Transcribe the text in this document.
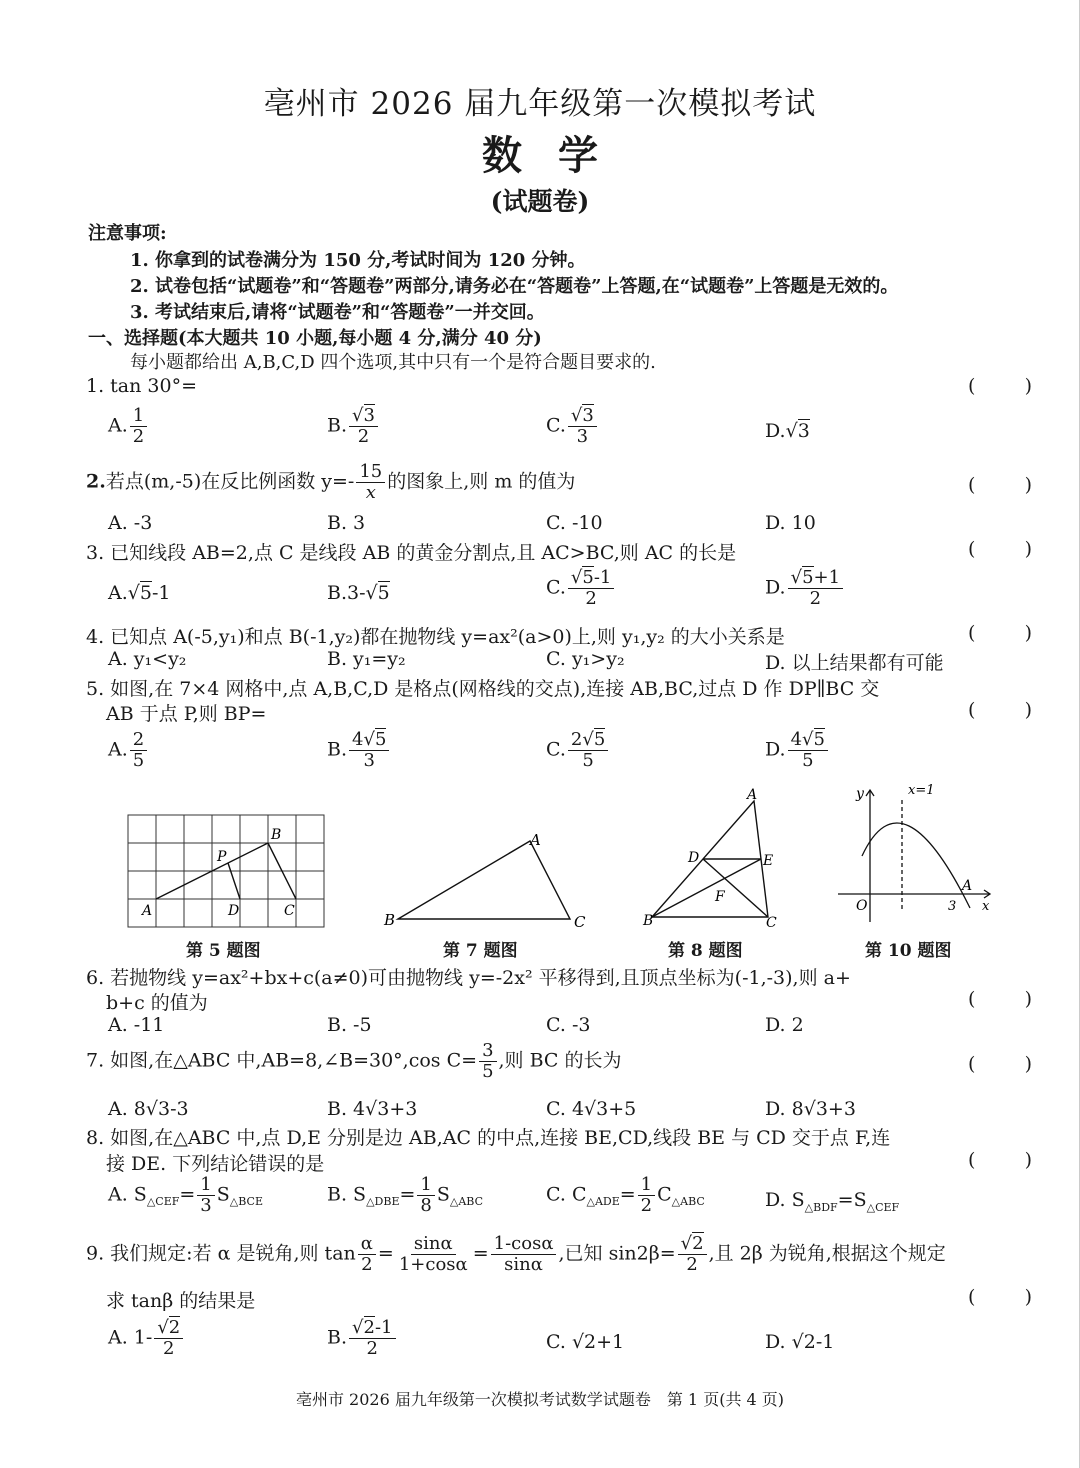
亳州市 2026 届九年级第一次模拟考试
数学
(试题卷)
注意事项:
1. 你拿到的试卷满分为 150 分,考试时间为 120 分钟。
2. 试卷包括“试题卷”和“答题卷”两部分,请务必在“答题卷”上答题,在“试题卷”上答题是无效的。
3. 考试结束后,请将“试题卷”和“答题卷”一并交回。
一、选择题(本大题共 10 小题,每小题 4 分,满分 40 分)
每小题都给出 A,B,C,D 四个选项,其中只有一个是符合题目要求的.
1. tan 30°=	(	)
A. $\frac{1}{2}$	B. $\frac{√3}{2}$	C. $\frac{√3}{3}$	D.√3
2.若点(m,-5)在反比例函数 $y=- \frac{15}{x}$ 的图象上,则 m 的值为	(	)
A. -3	B. 3	C. -10	D. 10
3. 已知线段 AB=2,点 C 是线段 AB 的黄金分割点,且 AC>BC,则 AC 的长是	(	)
A.√5-1	B.3-√5	C. $\frac{√5-1}{2}$	D. $\frac{√5+1}{2}$
4. 已知点 A(-5,y₁)和点 B(-1,y₂)都在抛物线 y=ax²(a>0)上,则 y₁,y₂ 的大小关系是	(	)
A. y₁<y₂	B. y₁=y₂	C. y₁>y₂	D. 以上结果都有可能
5. 如图,在 7×4 网格中,点 A,B,C,D 是格点(网格线的交点),连接 AB,BC,过点 D 作 DP∥BC 交
AB 于点 P,则 BP=	(	)
A. $\frac{2}{5}$	B. $\frac{4√5}{3}$	C. $\frac{2√5}{5}$	D. $\frac{4√5}{5}$
A
B
C
D
P
第 5 题图
A
B	C
第 7 题图
A
D	E
F
B	C
第 8 题图
y	x=1
O	3
A
x
第 10 题图
6. 若抛物线 y=ax²+bx+c(a≠0)可由抛物线 y=-2x² 平移得到,且顶点坐标为(-1,-3),则 a+
b+c 的值为	(	)
A. -11	B. -5	C. -3	D. 2
7. 如图,在△ABC 中,AB=8,∠B=30°,cos $C= \frac{3}{5}$ ,则 BC 的长为	(	)
A. 8√3-3	B. 4√3+3	C. 4√3+5	D. 8√3+3
8. 如图,在△ABC 中,点 D,E 分别是边 AB,AC 的中点,连接 BE,CD,线段 BE 与 CD 交于点 F,连
接 DE. 下列结论错误的是	(	)
A. $S_{\triangle CEF}= \frac{1}{3} S_{\triangle BCE}$	B. $S_{\triangle DBE}= \frac{1}{8} S_{\triangle ABC}$	C. $C_{\triangle ADE}= \frac{1}{2} C_{\triangle ABC}$	D. $S_{\triangle BDF}=S_{\triangle CEF}$
9. 我们规定:若 α 是锐角,则 $\tan \frac{\alpha}{2} = \frac{\sin\alpha}{1+\cos\alpha} = \frac{1-\cos\alpha}{\sin\alpha}$ ,已知 $\sin 2\beta= \frac{√2}{2}$ ,且 2β 为锐角,根据这个规定
求 tanβ 的结果是	(	)
A. $1- \frac{√2}{2}$	B. $\frac{√2-1}{2}$	C. √2+1	D. √2-1
亳州市 2026 届九年级第一次模拟考试数学试题卷　第 1 页(共 4 页)
